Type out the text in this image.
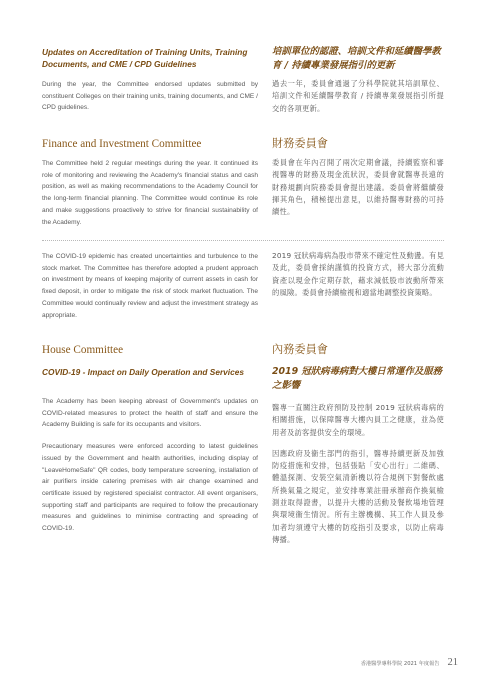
Updates on Accreditation of Training Units, Training Documents, and CME / CPD Guidelines
During the year, the Committee endorsed updates submitted by constituent Colleges on their training units, training documents, and CME / CPD guidelines.
培訓單位的認證、培訓文件和延續醫學教育 / 持續專業發展指引的更新
過去一年，委員會通過了分科學院就其培訓單位、培訓文件和延續醫學教育 / 持續專業發展指引所提交的各項更新。
Finance and Investment Committee
The Committee held 2 regular meetings during the year. It continued its role of monitoring and reviewing the Academy's financial status and cash position, as well as making recommendations to the Academy Council for the long-term financial planning. The Committee would continue its role and make suggestions proactively to strive for financial sustainability of the Academy.
財務委員會
委員會在年內召開了兩次定期會議，持續監察和審視醫專的財務及現金流狀況，委員會就醫專長遠的財務規劃向院務委員會提出建議。委員會將繼續發揮其角色，積極提出意見，以維持醫專財務的可持續性。
The COVID-19 epidemic has created uncertainties and turbulence to the stock market. The Committee has therefore adopted a prudent approach on investment by means of keeping majority of current assets in cash for fixed deposit, in order to mitigate the risk of stock market fluctuation. The Committee would continually review and adjust the investment strategy as appropriate.
2019 冠狀病毒病為股市帶來不確定性及動盪。有見及此，委員會採納謹慎的投資方式，將大部分流動資產以現金作定期存款，藉求減低股市波動所帶來的風險。委員會持續檢視和適當地調整投資策略。
House Committee
COVID-19 - Impact on Daily Operation and Services
The Academy has been keeping abreast of Government's updates on COVID-related measures to protect the health of staff and ensure the Academy Building is safe for its occupants and visitors.
Precautionary measures were enforced according to latest guidelines issued by the Government and health authorities, including display of "LeaveHomeSafe" QR codes, body temperature screening, installation of air purifiers inside catering premises with air change examined and certificate issued by registered specialist contractor. All event organisers, supporting staff and participants are required to follow the precautionary measures and guidelines to minimise contracting and spreading of COVID-19.
內務委員會
2019 冠狀病毒病對大樓日常運作及服務之影響
醫專一直關注政府預防及控制 2019 冠狀病毒病的相關措施，以保障醫專大樓內員工之健康，並為使用者及訪客提供安全的環境。
因應政府及衞生部門的指引，醫專持續更新及加強防疫措施和安排，包括張貼「安心出行」二維碼、體溫探測、安裝空氣清新機以符合規例下對餐飲處所換氣量之規定，並安排專業註冊承辦商作換氣檢測並取得證書，以提升大樓的活動及餐飲場地管理與環境衞生情況。所有主辦機構、其工作人員及參加者均須遵守大樓的防疫指引及要求，以防止病毒傳播。
香港醫學專科學院 2021 年度報告 21
